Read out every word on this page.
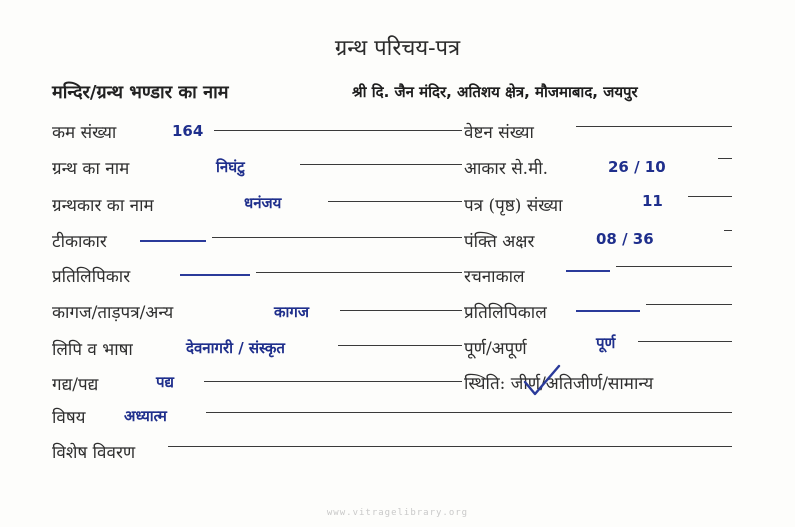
ग्रन्थ परिचय-पत्र
मन्दिर/ग्रन्थ भण्डार का नाम	श्री दि. जैन मंदिर, अतिशय क्षेत्र, मौजमाबाद, जयपुर
कम संख्या	164
ग्रन्थ का नाम	निघंटु
ग्रन्थकार का नाम	धनंजय
टीकाकार
प्रतिलिपिकार
कागज/ताड़पत्र/अन्य	कागज
लिपि व भाषा	देवनागरी / संस्कृत
गद्य/पद्य	पद्य
विषय	अध्यात्म
विशेष विवरण
वेष्टन संख्या
आकार से.मी.	26 / 10
पत्र (पृष्ठ) संख्या	11
पंक्ति अक्षर	08 / 36
रचनाकाल
प्रतिलिपिकाल
पूर्ण/अपूर्ण	पूर्ण
स्थिति: जीर्ण/अतिजीर्ण/सामान्य
www.vitragelibrary.org
